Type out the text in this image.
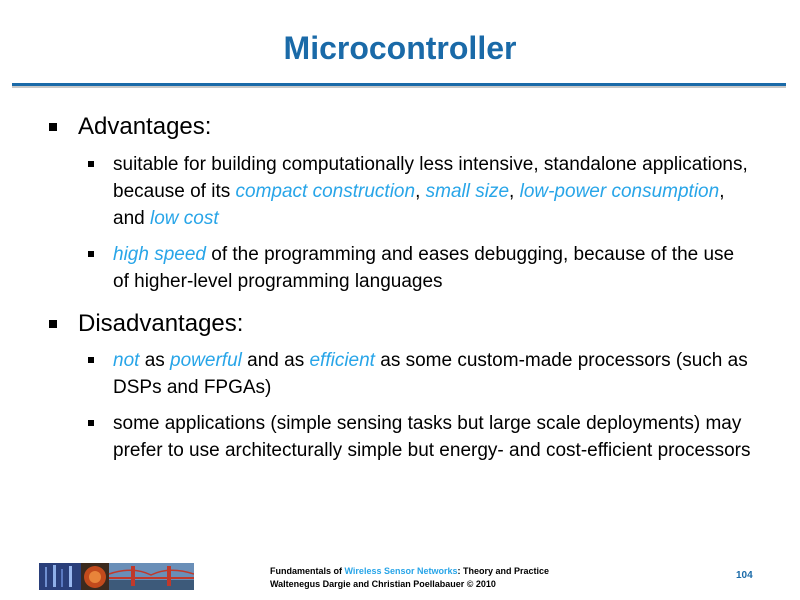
Microcontroller
Advantages:
suitable for building computationally less intensive, standalone applications, because of its compact construction, small size, low-power consumption, and low cost
high speed of the programming and eases debugging, because of the use of higher-level programming languages
Disadvantages:
not as powerful and as efficient as some custom-made processors (such as DSPs and FPGAs)
some applications (simple sensing tasks but large scale deployments) may prefer to use architecturally simple but energy- and cost-efficient processors
Fundamentals of Wireless Sensor Networks: Theory and Practice
Waltenegus Dargie and Christian Poellabauer © 2010
104
